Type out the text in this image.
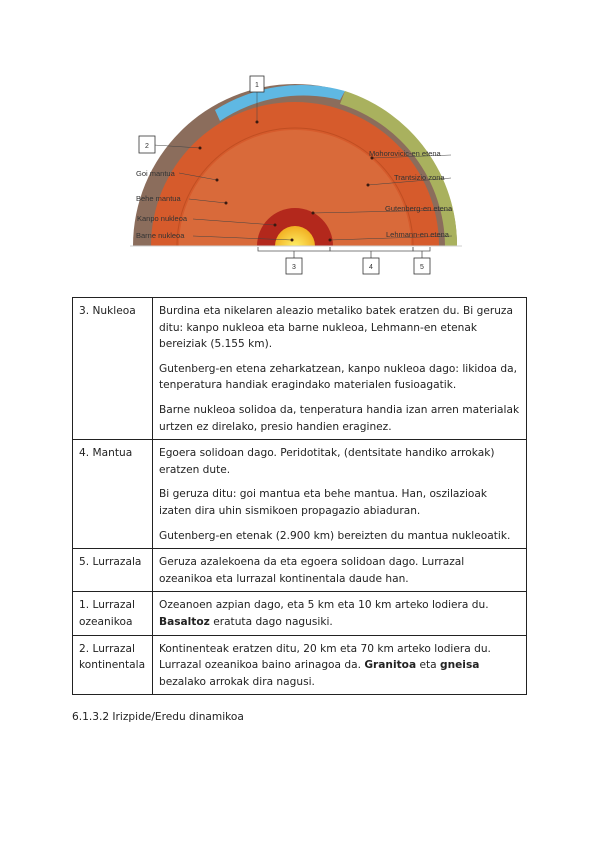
1
2
3	4	5
Goi mantua
Behe mantua
Kanpo nukleoa
Barne nukleoa
Mohorovicic-en etena
Trantsizio zona
Gutenberg-en etena
Lehmann-en etena
3. Nukleoa	Burdina eta nikelaren aleazio metaliko batek eratzen du. Bi geruza ditu: kanpo nukleoa eta barne nukleoa, Lehmann-en etenak bereiziak (5.155 km).

Gutenberg-en etena zeharkatzean, kanpo nukleoa dago: likidoa da, tenperatura handiak eragindako materialen fusioagatik.

Barne nukleoa solidoa da, tenperatura handia izan arren materialak urtzen ez direlako, presio handien eraginez.

4. Mantua	Egoera solidoan dago. Peridotitak, (dentsitate handiko arrokak) eratzen dute.

Bi geruza ditu: goi mantua eta behe mantua. Han, oszilazioak izaten dira uhin sismikoen propagazio abiaduran.

Gutenberg-en etenak (2.900 km) bereizten du mantua nukleoatik.

5. Lurrazala	Geruza azalekoena da eta egoera solidoan dago. Lurrazal ozeanikoa eta lurrazal kontinentala daude han.

1. Lurrazal ozeanikoa	Ozeanoen azpian dago, eta 5 km eta 10 km arteko lodiera du. Basaltoz eratuta dago nagusiki.

2. Lurrazal kontinentala	Kontinenteak eratzen ditu, 20 km eta 70 km arteko lodiera du. Lurrazal ozeanikoa baino arinagoa da. Granitoa eta gneisa bezalako arrokak dira nagusi.

6.1.3.2 Irizpide/Eredu dinamikoa
